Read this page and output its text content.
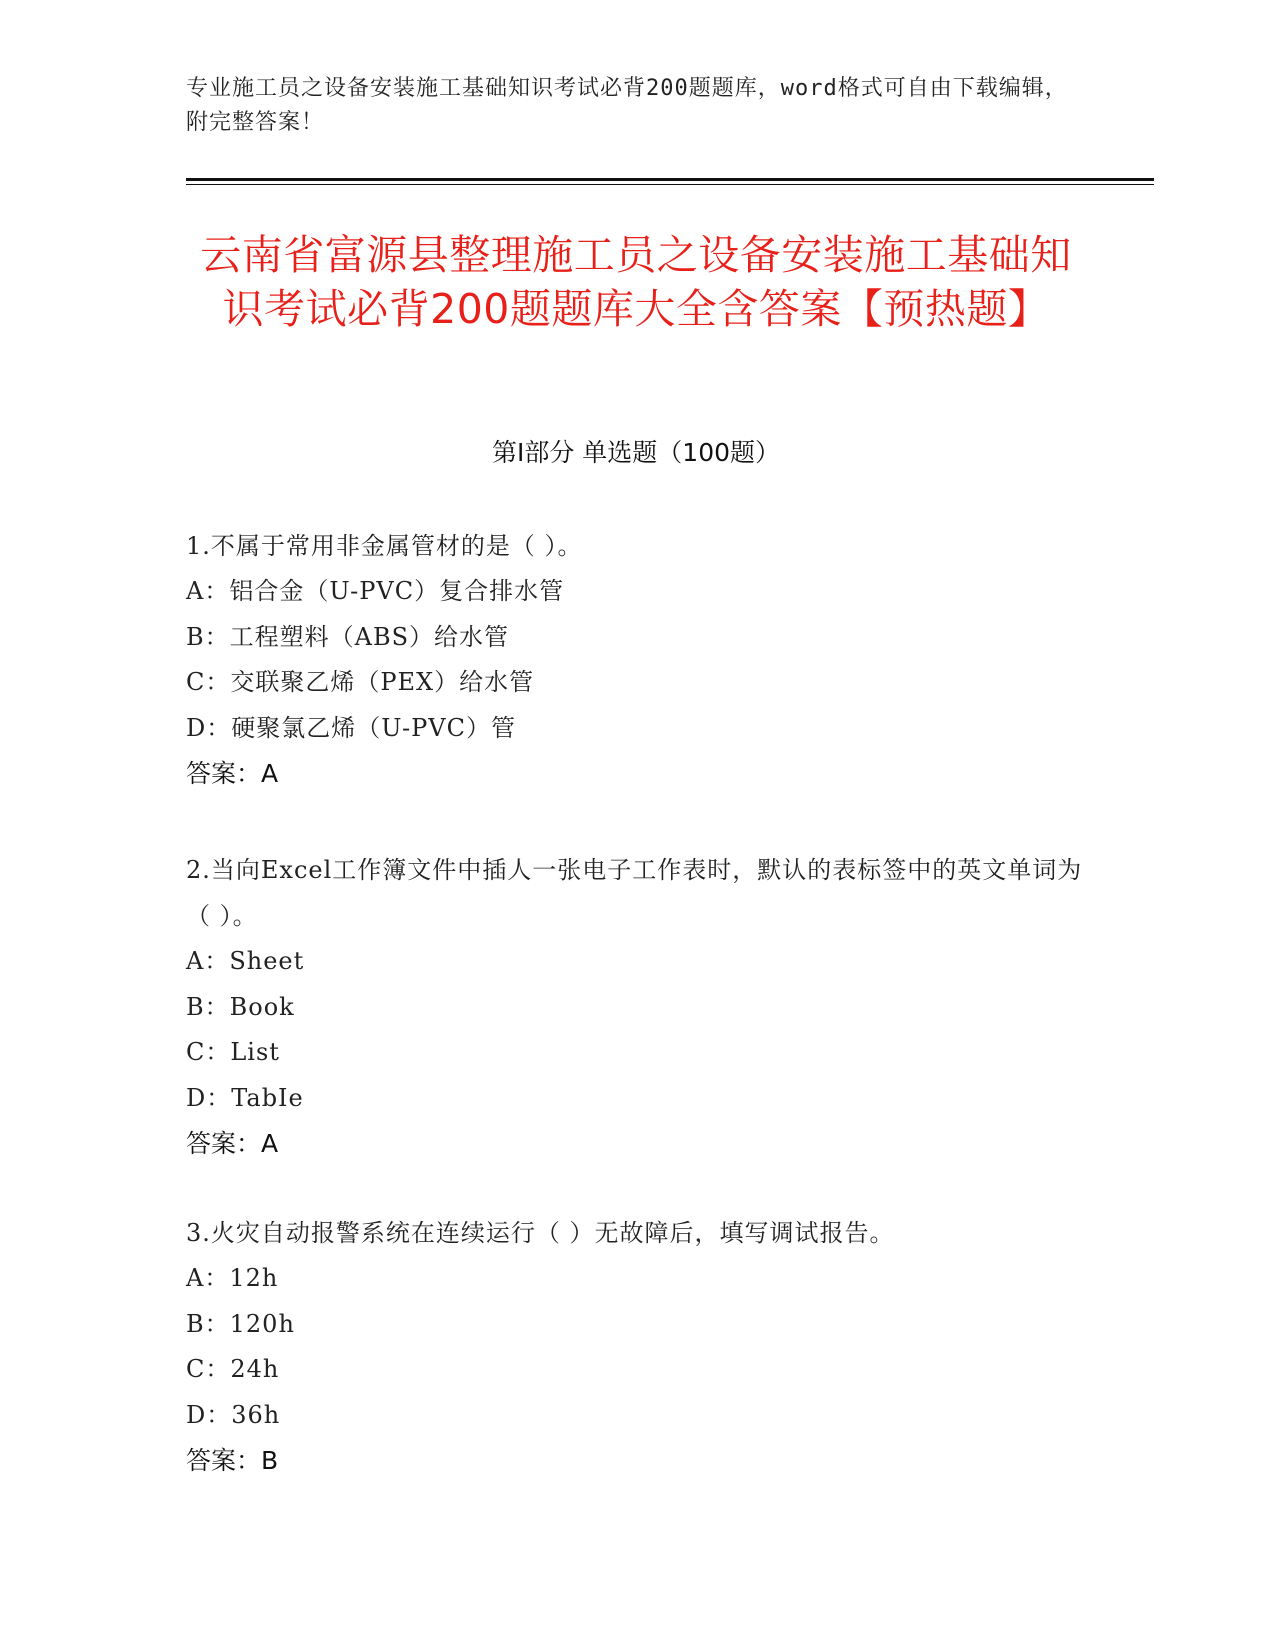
专业施工员之设备安装施工基础知识考试必背200题题库，word格式可自由下载编辑，附完整答案！
云南省富源县整理施工员之设备安装施工基础知识考试必背200题题库大全含答案【预热题】
第Ⅰ部分 单选题（100题）
1.不属于常用非金属管材的是（ ）。
A：铝合金（U-PVC）复合排水管
B：工程塑料（ABS）给水管
C：交联聚乙烯（PEX）给水管
D：硬聚氯乙烯（U-PVC）管
答案：A
2.当向Excel工作簿文件中插人一张电子工作表时，默认的表标签中的英文单词为（ ）。
A：Sheet
B：Book
C：List
D：TabIe
答案：A
3.火灾自动报警系统在连续运行（ ）无故障后，填写调试报告。
A：12h
B：120h
C：24h
D：36h
答案：B
